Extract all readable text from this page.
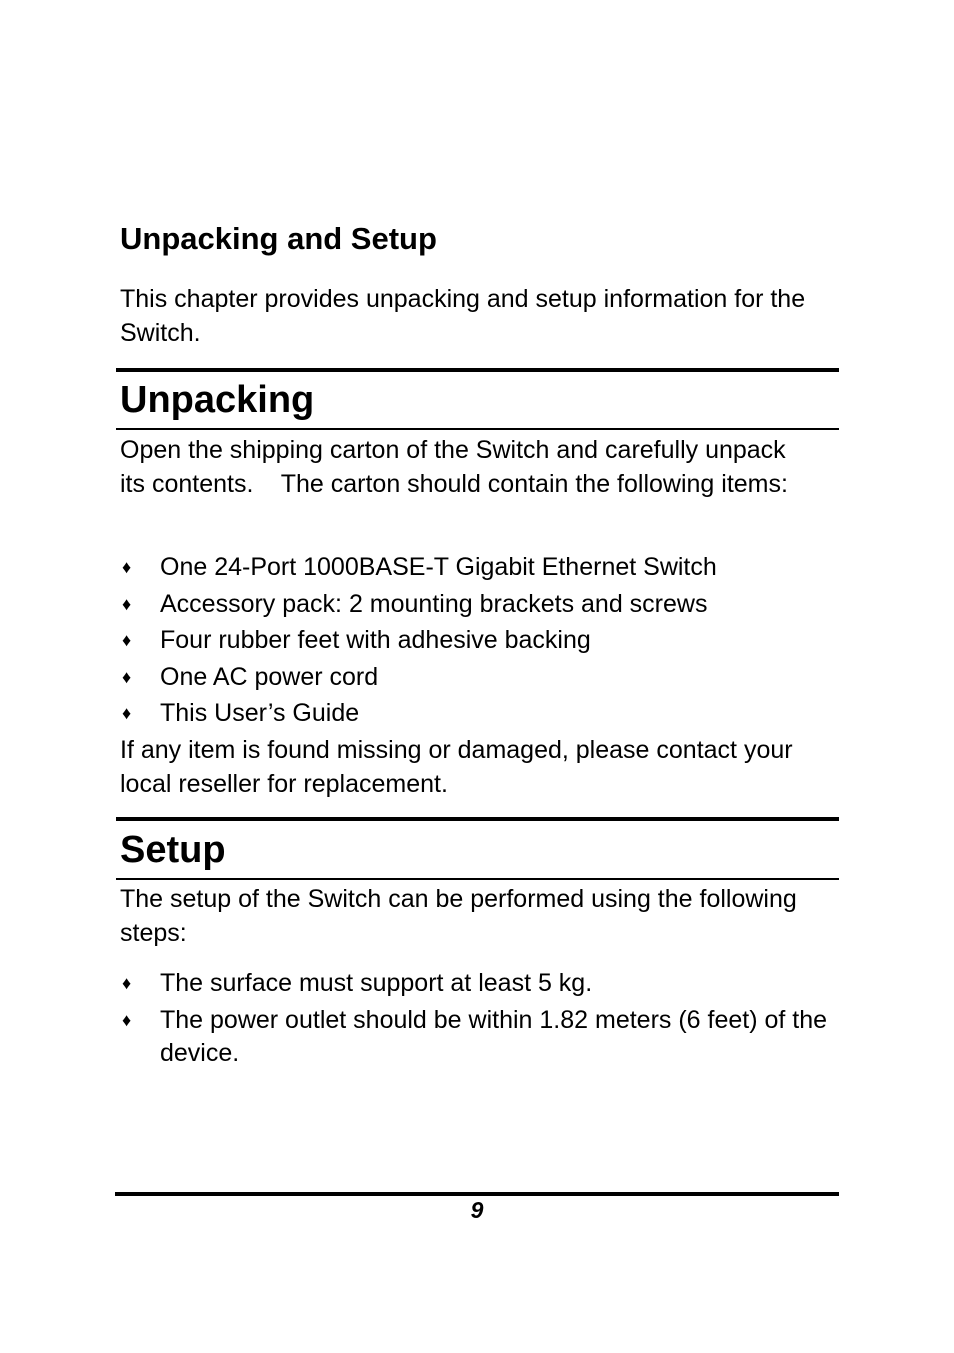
Unpacking and Setup

This chapter provides unpacking and setup information for the Switch.

Unpacking

Open the shipping carton of the Switch and carefully unpack its contents.    The carton should contain the following items:

♦ One 24-Port 1000BASE-T Gigabit Ethernet Switch
♦ Accessory pack: 2 mounting brackets and screws
♦ Four rubber feet with adhesive backing
♦ One AC power cord
♦ This User’s Guide

If any item is found missing or damaged, please contact your local reseller for replacement.

Setup

The setup of the Switch can be performed using the following steps:

♦ The surface must support at least 5 kg.
♦ The power outlet should be within 1.82 meters (6 feet) of the device.
9
